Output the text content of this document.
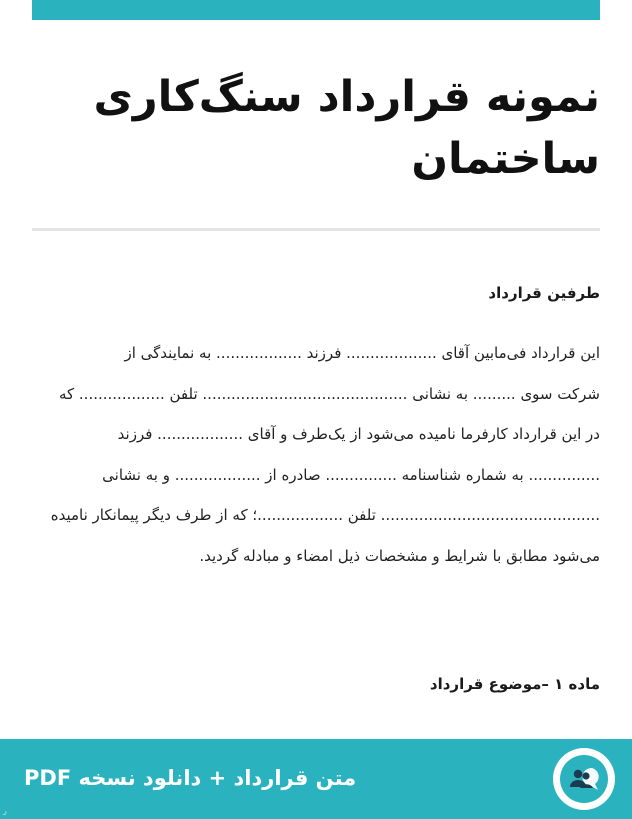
نمونه قرارداد سنگ‌کاری
ساختمان
طرفین قرارداد
این قرارداد فی‌مابین آقای ................... فرزند .................. به نمایندگی از
شرکت سوی ......... به نشانی ........................................... تلفن .................. که
در این قرارداد کارفرما نامیده می‌شود از یک‌طرف و آقای .................. فرزند
............... به شماره شناسنامه ............... صادره از .................. و به نشانی
.............................................. تلفن ..................؛ که از طرف دیگر پیمانکار نامیده
می‌شود مطابق با شرایط و مشخصات ذیل امضاء و مبادله گردید.
ماده ۱ –موضوع قرارداد
متن قرارداد + دانلود نسخه PDF
ر
